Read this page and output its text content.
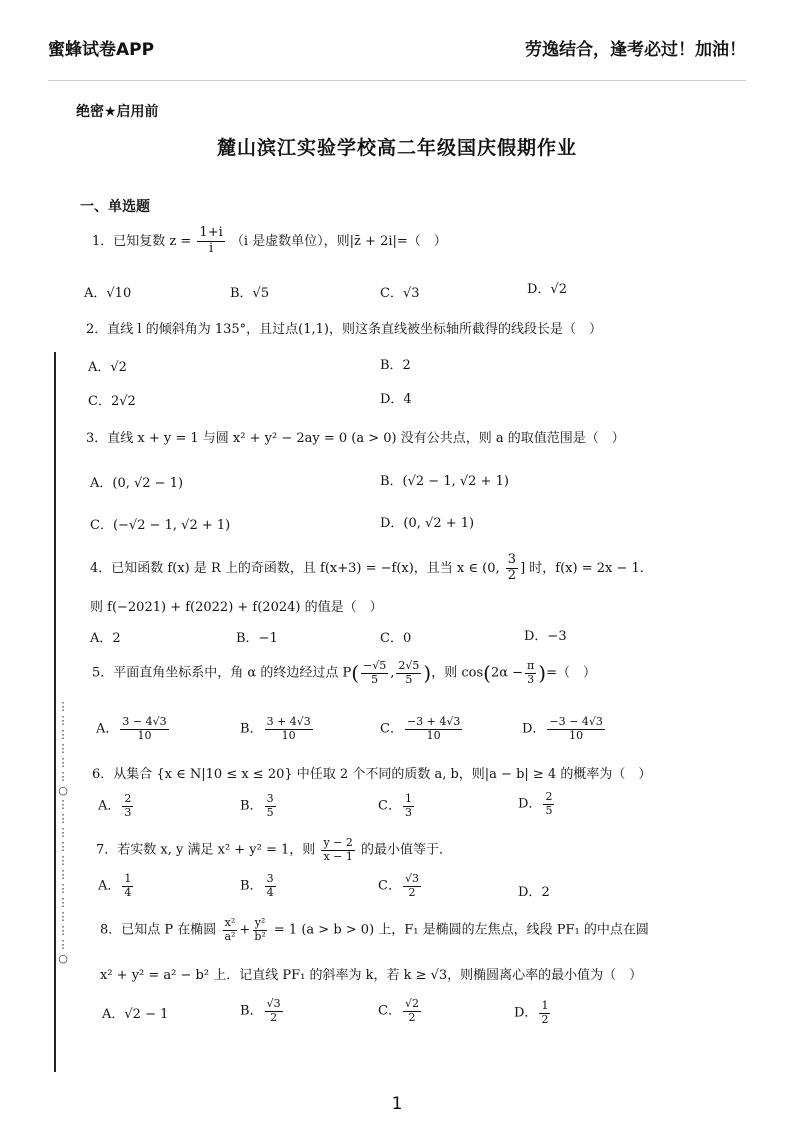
蜜蜂试卷APP	劳逸结合，逢考必过！加油！
绝密★启用前
麓山滨江实验学校高二年级国庆假期作业
一、单选题
1．已知复数 $z = \frac{1+i}{i} (i$ 是虚数单位），则|z̄ + 2i|=（　）
A．√10	B．√5	C．√3	D．√2
2．直线 l 的倾斜角为 135°，且过点(1,1)，则这条直线被坐标轴所截得的线段长是（　）
A．√2	B．2
C．2√2	D．4
3．直线 x + y = 1 与圆 x² + y² − 2ay = 0 (a > 0) 没有公共点，则 a 的取值范围是（　）
A．(0, √2 − 1)	B．(√2 − 1, √2 + 1)
C．(−√2 − 1, √2 + 1)	D．(0, √2 + 1)
4．已知函数 f(x) 是 R 上的奇函数，且 f(x+3) = −f(x)，且当 x ∈ (0, $\frac{3}{2}$ ] 时，f(x) = 2x − 1．
则 f(−2021) + f(2022) + f(2024) 的值是（　）
A．2	B．−1	C．0	D．−3
5．平面直角坐标系中，角 α 的终边经过点 $P( \frac{-√5}{5}$ , $\frac{2√5}{5}$ )，则 $\cos(2\alpha - \frac{\pi}{3}$ )=（　）
A． $\frac{3 - 4√3}{10}$	B． $\frac{3 + 4√3}{10}$	C． $\frac{-3 + 4√3}{10}$	D． $\frac{-3 - 4√3}{10}$
6．从集合 {x ∈ N|10 ≤ x ≤ 20} 中任取 2 个不同的质数 a, b，则|a − b| ≥ 4 的概率为（　）
A． $\frac{2}{3}$	B． $\frac{3}{5}$	C． $\frac{1}{3}$	D． $\frac{2}{5}$
7．若实数 x, y 满足 x² + y² = 1，则 $\frac{y - 2}{x - 1}$ 的最小值等于．
A． $\frac{1}{4}$	B． $\frac{3}{4}$	C． $\frac{√3}{2}$	D．2
8．已知点 P 在椭圆 $\frac{\text{x²}}{\text{a²}} + \frac{\text{y²}}{\text{b²}} = 1$ (a > b > 0) 上，F₁ 是椭圆的左焦点，线段 PF₁ 的中点在圆
x² + y² = a² − b² 上．记直线 PF₁ 的斜率为 k，若 k ≥ √3，则椭圆离心率的最小值为（　）
A．√2 − 1	B． $\frac{√3}{2}$	C． $\frac{√2}{2}$	D． $\frac{1}{2}$
⋮
⋮
⋮
⋮
⋮
⋮
○
⋮
⋮
⋮
⋮
⋮
⋮
⋮
⋮
⋮
⋮
⋮
○
1
